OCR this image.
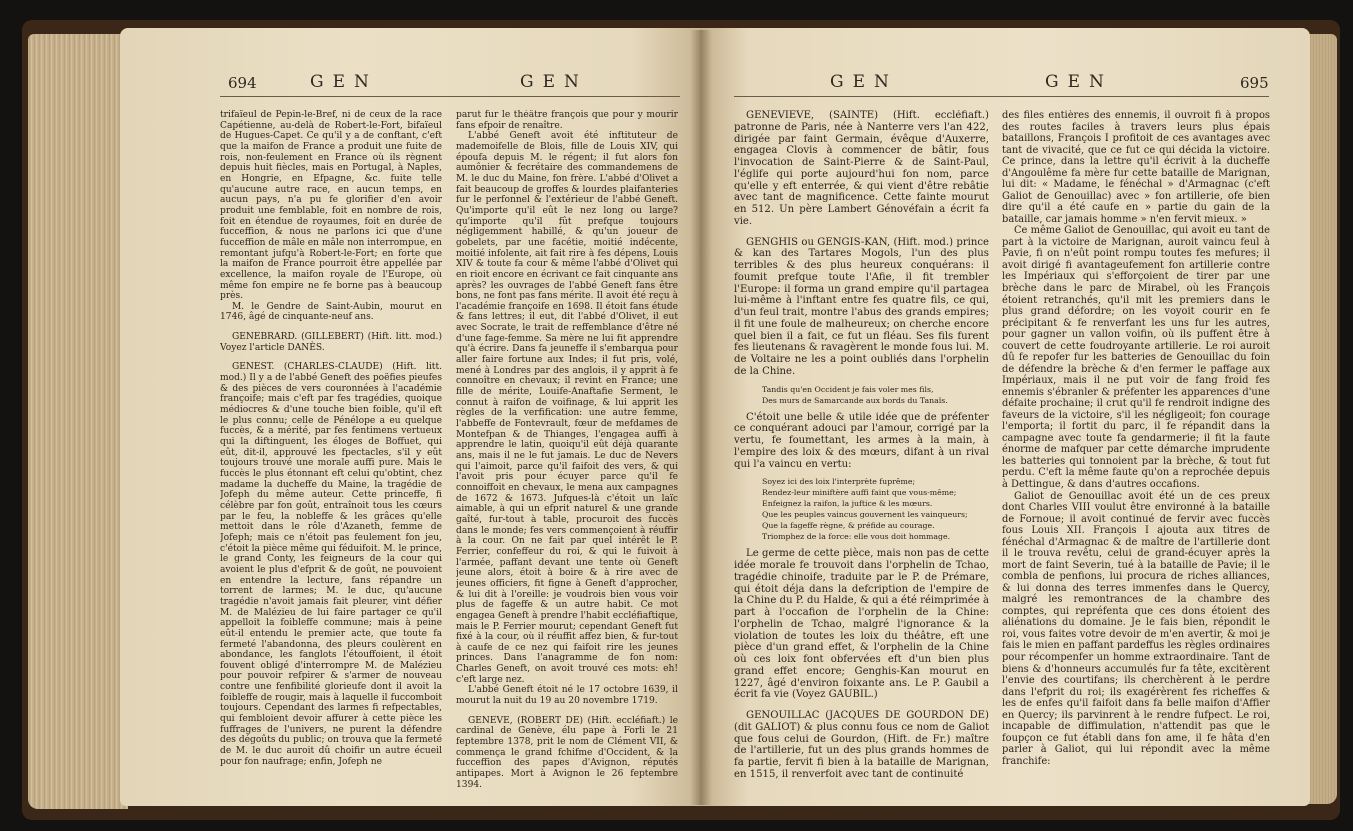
694	GEN	GEN

trifaïeul de Pepin-le-Bref, ni de ceux de la race Capétienne, au-delà de Robert-le-Fort, bifaïeul de Hugues-Capet. Ce qu'il y a de conftant, c'eft que la maifon de France a produit une fuite de rois, non-feulement en France où ils règnent depuis huit fiècles, mais en Portugal, à Naples, en Hongrie, en Efpagne, &c. fuite telle qu'aucune autre race, en aucun temps, en aucun pays, n'a pu fe glorifier d'en avoir produit une femblable, foit en nombre de rois, foit en étendue de royaumes, foit en durée de fucceffion, & nous ne parlons ici que d'une fucceffion de mâle en mâle non interrompue, en remontant jufqu'à Robert-le-Fort; en forte que la maifon de France pourroit être appellée par excellence, la maifon royale de l'Europe, où même fon empire ne fe borne pas à beaucoup près.

M. le Gendre de Saint-Aubin, mourut en 1746, âgé de cinquante-neuf ans.

GENEBRARD. (GILLEBERT) (Hift. litt. mod.) Voyez l'article DANÈS.

GENEST. (CHARLES-CLAUDE) (Hift. litt. mod.) Il y a de l'abbé Geneft des poëfies pieufes & des pièces de vers couronnées à l'académie françoife; mais c'eft par fes tragédies, quoique médiocres & d'une touche bien foible, qu'il eft le plus connu; celle de Pénélope a eu quelque fuccès, & a mérité, par fes fentimens vertueux qui la diftinguent, les éloges de Boffuet, qui eût, dit-il, approuvé les fpectacles, s'il y eût toujours trouvé une morale auffi pure. Mais le fuccès le plus étonnant eft celui qu'obtint, chez madame la ducheffe du Maine, la tragédie de Jofeph du même auteur. Cette princeffe, fi célèbre par fon goût, entraînoit tous les cœurs par le feu, la nobleffe & les grâces qu'elle mettoit dans le rôle d'Azaneth, femme de Jofeph; mais ce n'étoit pas feulement fon jeu, c'étoit la pièce même qui féduifoit. M. le prince, le grand Conty, les feigneurs de la cour qui avoient le plus d'efprit & de goût, ne pouvoient en entendre la lecture, fans répandre un torrent de larmes; M. le duc, qu'aucune tragédie n'avoit jamais fait pleurer, vint défier M. de Malézieu de lui faire partager ce qu'il appelloit la foibleffe commune; mais à peine eût-il entendu le premier acte, que toute fa fermeté l'abandonna, des pleurs coulèrent en abondance, les fanglots l'étouffoient, il étoit fouvent obligé d'interrompre M. de Malézieu pour pouvoir refpirer & s'armer de nouveau contre une fenfibilité glorieufe dont il avoit la foibleffe de rougir, mais à laquelle il fuccomboit toujours. Cependant des larmes fi refpectables, qui fembloient devoir affurer à cette pièce les fuffrages de l'univers, ne purent la défendre des dégoûts du public; on trouva que la fermeté de M. le duc auroit dû choifir un autre écueil pour fon naufrage; enfin, Jofeph ne

parut fur le théâtre françois que pour y mourir fans efpoir de renaître.

L'abbé Geneft avoit été inftituteur de mademoifelle de Blois, fille de Louis XIV, qui époufa depuis M. le régent; il fut alors fon aumônier & fecrétaire des commandemens de M. le duc du Maine, fon frère. L'abbé d'Olivet a fait beaucoup de groffes & lourdes plaifanteries fur le perfonnel & l'extérieur de l'abbé Geneft. Qu'importe qu'il eût le nez long ou large? qu'importe qu'il fût prefque toujours négligemment habillé, & qu'un joueur de gobelets, par une facétie, moitié indécente, moitié infolente, ait fait rire à fes dépens, Louis XIV & toute fa cour & même l'abbé d'Olivet qui en rioit encore en écrivant ce fait cinquante ans après? les ouvrages de l'abbé Geneft fans être bons, ne font pas fans mérite. Il avoit été reçu à l'académie françoife en 1698. Il étoit fans étude & fans lettres; il eut, dit l'abbé d'Olivet, il eut avec Socrate, le trait de reffemblance d'être né d'une fage-femme. Sa mère ne lui fit apprendre qu'à écrire. Dans fa jeuneffe il s'embarqua pour aller faire fortune aux Indes; il fut pris, volé, mené à Londres par des anglois, il y apprit à fe connoître en chevaux; il revint en France; une fille de mérite, Louife-Anaftafie Serment, le connut à raifon de voifinage, & lui apprit les règles de la verfification: une autre femme, l'abbeffe de Fontevrault, fœur de mefdames de Montefpan & de Thianges, l'engagea auffi à apprendre le latin, quoiqu'il eût déjà quarante ans, mais il ne le fut jamais. Le duc de Nevers qui l'aimoit, parce qu'il faifoit des vers, & qui l'avoit pris pour écuyer parce qu'il fe connoiffoit en chevaux, le mena aux campagnes de 1672 & 1673. Jufques-là c'étoit un laïc aimable, à qui un efprit naturel & une grande gaîté, fur-tout à table, procuroit des fuccès dans le monde; fes vers commençoient à réuffir à la cour. On ne fait par quel intérêt le P. Ferrier, confeffeur du roi, & qui le fuivoit à l'armée, paffant devant une tente où Geneft jeune alors, étoit à boire & à rire avec de jeunes officiers, fit figne à Geneft d'approcher, & lui dit à l'oreille: je voudrois bien vous voir plus de fageffe & un autre habit. Ce mot engagea Geneft à prendre l'habit eccléfiaftique, mais le P. Ferrier mourut; cependant Geneft fut fixé à la cour, où il réuffit affez bien, & fur-tout à caufe de ce nez qui faifoit rire les jeunes princes. Dans l'anagramme de fon nom: Charles Geneft, on avoit trouvé ces mots: eh! c'eft large nez.

L'abbé Geneft étoit né le 17 octobre 1639, il mourut la nuit du 19 au 20 novembre 1719.

GENEVE, (ROBERT DE) (Hift. eccléfiaft.) le cardinal de Genève, élu pape à Forli le 21 feptembre 1378, prit le nom de Clément VII, & commença le grand fchifme d'Occident, & la fucceffion des papes d'Avignon, réputés antipapes. Mort à Avignon le 26 feptembre 1394.

GEN	GEN	695

GENEVIEVE, (SAINTE) (Hift. eccléfiaft.) patronne de Paris, née à Nanterre vers l'an 422, dirigée par faint Germain, évêque d'Auxerre, engagea Clovis à commencer de bâtir, fous l'invocation de Saint-Pierre & de Saint-Paul, l'églife qui porte aujourd'hui fon nom, parce qu'elle y eft enterrée, & qui vient d'être rebâtie avec tant de magnificence. Cette fainte mourut en 512. Un père Lambert Génovéfain a écrit fa vie.

GENGHIS ou GENGIS-KAN, (Hift. mod.) prince & kan des Tartares Mogols, l'un des plus terribles & des plus heureux conquérans: il foumit prefque toute l'Afie, il fit trembler l'Europe: il forma un grand empire qu'il partagea lui-même à l'inftant entre fes quatre fils, ce qui, d'un feul trait, montre l'abus des grands empires; il fit une foule de malheureux; on cherche encore quel bien il a fait, ce fut un fléau. Ses fils furent fes lieutenans & ravagèrent le monde fous lui. M. de Voltaire ne les a point oubliés dans l'orphelin de la Chine.

Tandis qu'en Occident je fais voler mes fils,
Des murs de Samarcande aux bords du Tanaïs.

C'étoit une belle & utile idée que de préfenter ce conquérant adouci par l'amour, corrigé par la vertu, fe foumettant, les armes à la main, à l'empire des loix & des mœurs, difant à un rival qui l'a vaincu en vertu:

Soyez ici des loix l'interprète fuprême;
Rendez-leur miniftère auffi faint que vous-même;
Enfeignez la raifon, la juftice & les mœurs.
Que les peuples vaincus gouvernent les vainqueurs;
Que la fageffe règne, & préfide au courage.
Triomphez de la force: elle vous doit hommage.

Le germe de cette pièce, mais non pas de cette idée morale fe trouvoit dans l'orphelin de Tchao, tragédie chinoife, traduite par le P. de Prémare, qui étoit déja dans la defcription de l'empire de la Chine du P. du Halde, & qui a été réimprimée à part à l'occafion de l'orphelin de la Chine: l'orphelin de Tchao, malgré l'ignorance & la violation de toutes les loix du théâtre, eft une pièce d'un grand effet, & l'orphelin de la Chine où ces loix font obfervées eft d'un bien plus grand effet encore; Genghis-Kan mourut en 1227, âgé d'environ foixante ans. Le P. Gaubil a écrit fa vie (Voyez GAUBIL.)

GENOUILLAC (JACQUES DE GOURDON DE) (dit GALIOT) & plus connu fous ce nom de Galiot que fous celui de Gourdon, (Hift. de Fr.) maître de l'artillerie, fut un des plus grands hommes de fa partie, fervit fi bien à la bataille de Marignan, en 1515, il renverfoit avec tant de continuité

des files entières des ennemis, il ouvroit fi à propos des routes faciles à travers leurs plus épais bataillons, François I profitoit de ces avantages avec tant de vivacité, que ce fut ce qui décida la victoire. Ce prince, dans la lettre qu'il écrivit à la ducheffe d'Angoulême fa mère fur cette bataille de Marignan, lui dit: « Madame, le fénéchal » d'Armagnac (c'eft Galiot de Genouillac) avec » fon artillerie, ofe bien dire qu'il a été caufe en » partie du gain de la bataille, car jamais homme » n'en fervit mieux. »

Ce même Galiot de Genouillac, qui avoit eu tant de part à la victoire de Marignan, auroit vaincu feul à Pavie, fi on n'eût point rompu toutes fes mefures; il avoit dirigé fi avantageufement fon artillerie contre les Impériaux qui s'efforçoient de tirer par une brèche dans le parc de Mirabel, où les François étoient retranchés, qu'il mit les premiers dans le plus grand défordre; on les voyoit courir en fe précipitant & fe renverfant les uns fur les autres, pour gagner un vallon voifin, où ils puffent être à couvert de cette foudroyante artillerie. Le roi auroit dû fe repofer fur les batteries de Genouillac du foin de défendre la brèche & d'en fermer le paffage aux Impériaux, mais il ne put voir de fang froid fes ennemis s'ébranler & préfenter les apparences d'une défaite prochaine; il crut qu'il fe rendroit indigne des faveurs de la victoire, s'il les négligeoit; fon courage l'emporta; il fortit du parc, il fe répandit dans la campagne avec toute fa gendarmerie; il fit la faute énorme de mafquer par cette démarche imprudente les batteries qui tonnoient par la brèche, & tout fut perdu. C'eft la même faute qu'on a reprochée depuis à Dettingue, & dans d'autres occafions.

Galiot de Genouillac avoit été un de ces preux dont Charles VIII voulut être environné à la bataille de Fornoue; il avoit continué de fervir avec fuccès fous Louis XII. François I ajouta aux titres de fénéchal d'Armagnac & de maître de l'artillerie dont il le trouva revêtu, celui de grand-écuyer après la mort de faint Severin, tué à la bataille de Pavie; il le combla de penfions, lui procura de riches alliances, & lui donna des terres immenfes dans le Quercy, malgré les remontrances de la chambre des comptes, qui repréfenta que ces dons étoient des aliénations du domaine. Je le fais bien, répondit le roi, vous faites votre devoir de m'en avertir, & moi je fais le mien en paffant pardeffus les règles ordinaires pour récompenfer un homme extraordinaire. Tant de biens & d'honneurs accumulés fur fa tête, excitèrent l'envie des courtifans; ils cherchèrent à le perdre dans l'efprit du roi; ils exagérèrent fes richeffes & les de enfes qu'il faifoit dans fa belle maifon d'Affier en Quercy; ils parvinrent à le rendre fufpect. Le roi, incapable de diffimulation, n'attendit pas que le foupçon ce fut établi dans fon ame, il fe hâta d'en parler à Galiot, qui lui répondit avec la même franchife:
